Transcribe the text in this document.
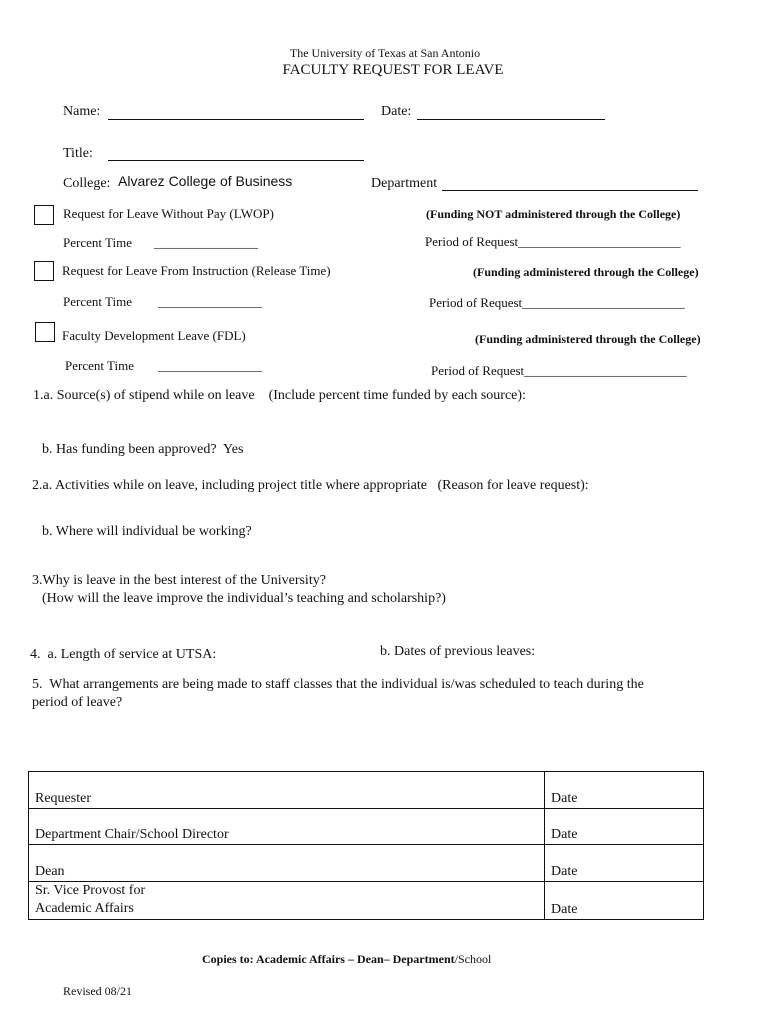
The University of Texas at San Antonio
FACULTY REQUEST FOR LEAVE
Name:	Date:
Title:
College: Alvarez College of Business	Department
Request for Leave Without Pay (LWOP)	(Funding NOT administered through the College)
Percent Time ________________	Period of Request_________________________
Request for Leave From Instruction (Release Time)	(Funding administered through the College)
Percent Time ________________	Period of Request_________________________
Faculty Development Leave (FDL)	(Funding administered through the College)
Percent Time ________________	Period of Request_________________________
1.a. Source(s) of stipend while on leave    (Include percent time funded by each source):
b. Has funding been approved?  Yes
2.a. Activities while on leave, including project title where appropriate   (Reason for leave request):
b. Where will individual be working?
3.Why is leave in the best interest of the University?
(How will the leave improve the individual’s teaching and scholarship?)
4.  a. Length of service at UTSA:	b. Dates of previous leaves:
5.  What arrangements are being made to staff classes that the individual is/was scheduled to teach during the
period of leave?
Requester	Date
Department Chair/School Director	Date
Dean	Date

Sr. Vice Provost for
Academic Affairs	Date
Copies to: Academic Affairs – Dean– Department/School
Revised 08/21
